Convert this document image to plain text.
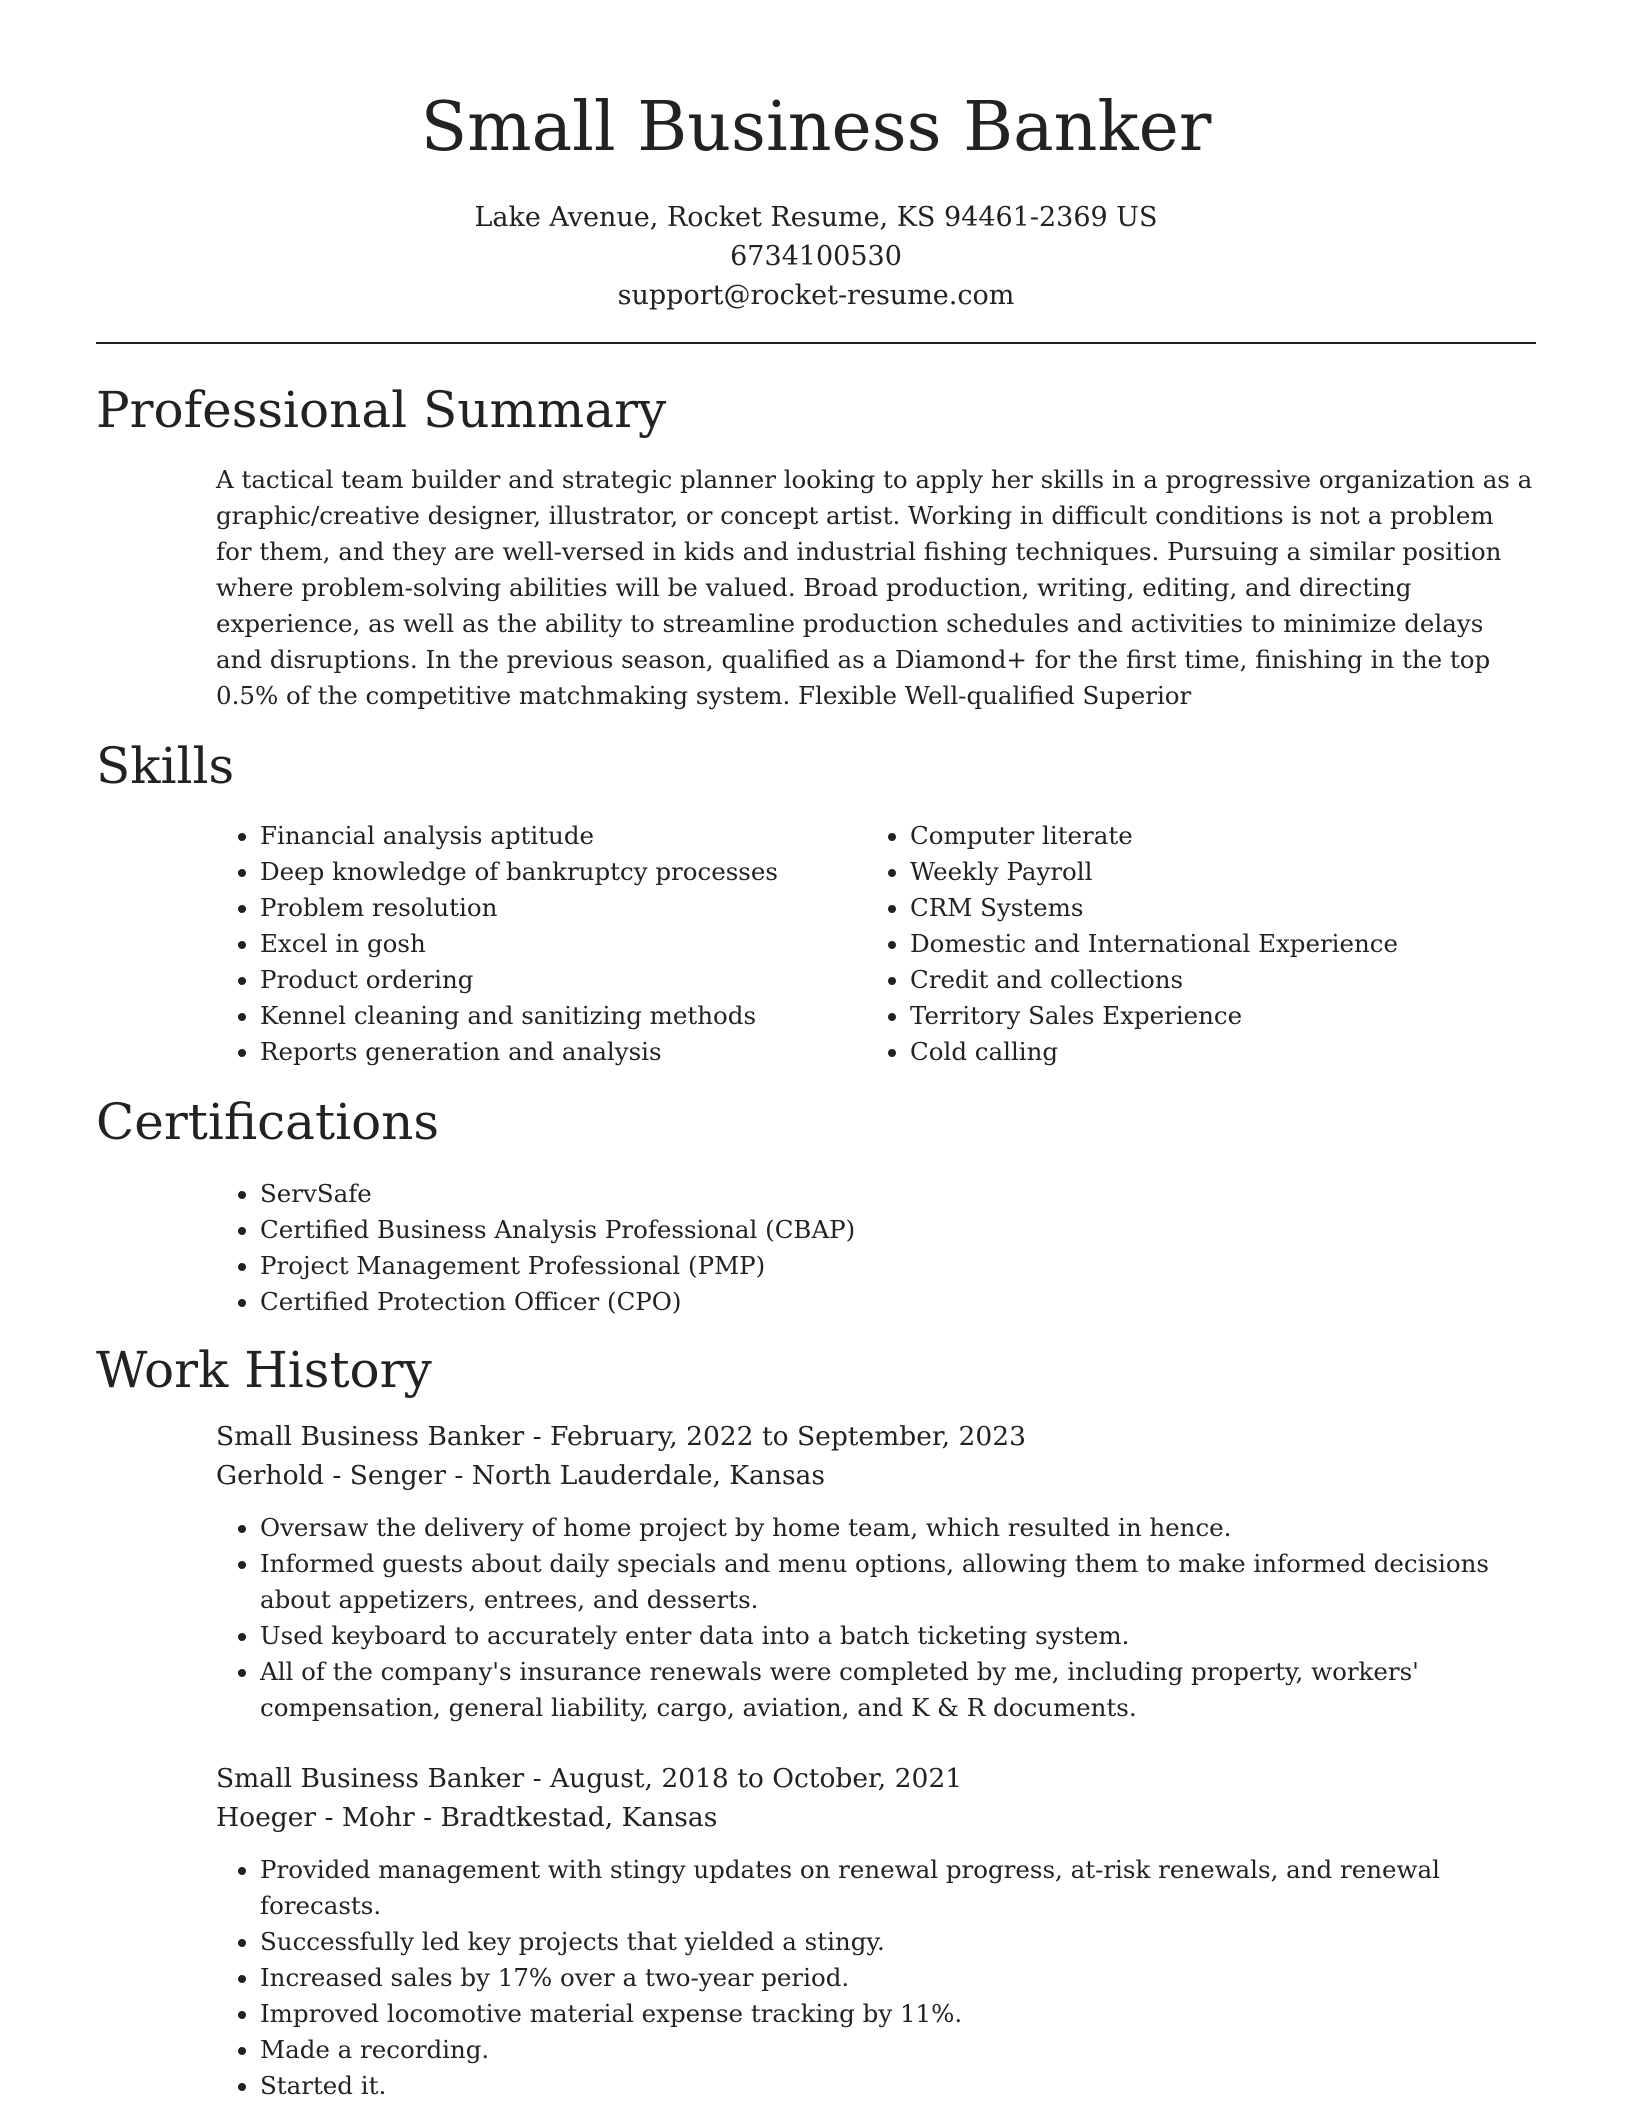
Small Business Banker
Lake Avenue, Rocket Resume, KS 94461-2369 US
6734100530
support@rocket-resume.com
Professional Summary

A tactical team builder and strategic planner looking to apply her skills in a progressive organization as a graphic/creative designer, illustrator, or concept artist. Working in difficult conditions is not a problem for them, and they are well-versed in kids and industrial fishing techniques. Pursuing a similar position where problem-solving abilities will be valued. Broad production, writing, editing, and directing experience, as well as the ability to streamline production schedules and activities to minimize delays and disruptions. In the previous season, qualified as a Diamond+ for the first time, finishing in the top 0.5% of the competitive matchmaking system. Flexible Well-qualified Superior

Skills
• Financial analysis aptitude
• Deep knowledge of bankruptcy processes
• Problem resolution
• Excel in gosh
• Product ordering
• Kennel cleaning and sanitizing methods
• Reports generation and analysis
• Computer literate
• Weekly Payroll
• CRM Systems
• Domestic and International Experience
• Credit and collections
• Territory Sales Experience
• Cold calling
Certifications
• ServSafe
• Certified Business Analysis Professional (CBAP)
• Project Management Professional (PMP)
• Certified Protection Officer (CPO)
Work History
Small Business Banker - February, 2022 to September, 2023
Gerhold - Senger - North Lauderdale, Kansas
• Oversaw the delivery of home project by home team, which resulted in hence.
• Informed guests about daily specials and menu options, allowing them to make informed decisions about appetizers, entrees, and desserts.
• Used keyboard to accurately enter data into a batch ticketing system.
• All of the company's insurance renewals were completed by me, including property, workers' compensation, general liability, cargo, aviation, and K & R documents.
Small Business Banker - August, 2018 to October, 2021
Hoeger - Mohr - Bradtkestad, Kansas
• Provided management with stingy updates on renewal progress, at-risk renewals, and renewal forecasts.
• Successfully led key projects that yielded a stingy.
• Increased sales by 17% over a two-year period.
• Improved locomotive material expense tracking by 11%.
• Made a recording.
• Started it.
